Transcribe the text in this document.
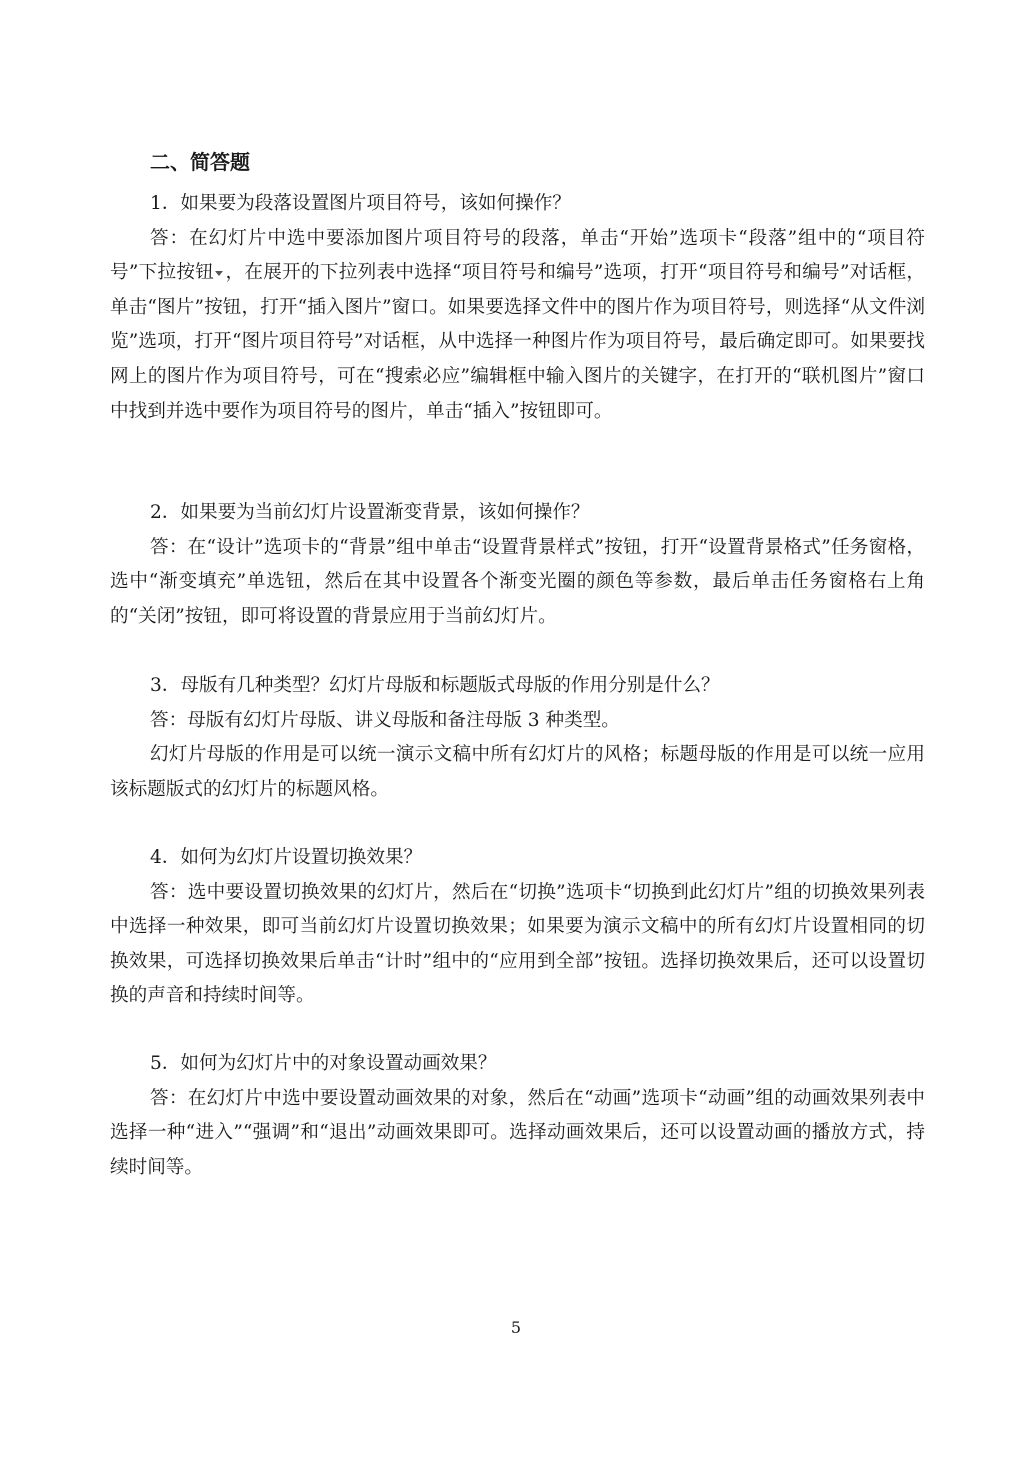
二、简答题

1．如果要为段落设置图片项目符号，该如何操作？

答：在幻灯片中选中要添加图片项目符号的段落，单击“开始”选项卡“段落”组中的“项目符号”下拉按钮 ，在展开的下拉列表中选择“项目符号和编号”选项，打开“项目符号和编号”对话框，单击“图片”按钮，打开“插入图片”窗口。如果要选择文件中的图片作为项目符号，则选择“从文件浏览”选项，打开“图片项目符号”对话框，从中选择一种图片作为项目符号，最后确定即可。如果要找网上的图片作为项目符号，可在“搜索必应”编辑框中输入图片的关键字，在打开的“联机图片”窗口中找到并选中要作为项目符号的图片，单击“插入”按钮即可。

2．如果要为当前幻灯片设置渐变背景，该如何操作？

答：在“设计”选项卡的“背景”组中单击“设置背景样式”按钮，打开“设置背景格式”任务窗格，选中“渐变填充”单选钮，然后在其中设置各个渐变光圈的颜色等参数，最后单击任务窗格右上角的“关闭”按钮，即可将设置的背景应用于当前幻灯片。

3．母版有几种类型？幻灯片母版和标题版式母版的作用分别是什么？

答：母版有幻灯片母版、讲义母版和备注母版 3 种类型。

幻灯片母版的作用是可以统一演示文稿中所有幻灯片的风格；标题母版的作用是可以统一应用该标题版式的幻灯片的标题风格。

4．如何为幻灯片设置切换效果？

答：选中要设置切换效果的幻灯片，然后在“切换”选项卡“切换到此幻灯片”组的切换效果列表中选择一种效果，即可当前幻灯片设置切换效果；如果要为演示文稿中的所有幻灯片设置相同的切换效果，可选择切换效果后单击“计时”组中的“应用到全部”按钮。选择切换效果后，还可以设置切换的声音和持续时间等。

5．如何为幻灯片中的对象设置动画效果？

答：在幻灯片中选中要设置动画效果的对象，然后在“动画”选项卡“动画”组的动画效果列表中选择一种“进入”“强调”和“退出”动画效果即可。选择动画效果后，还可以设置动画的播放方式，持续时间等。

5
